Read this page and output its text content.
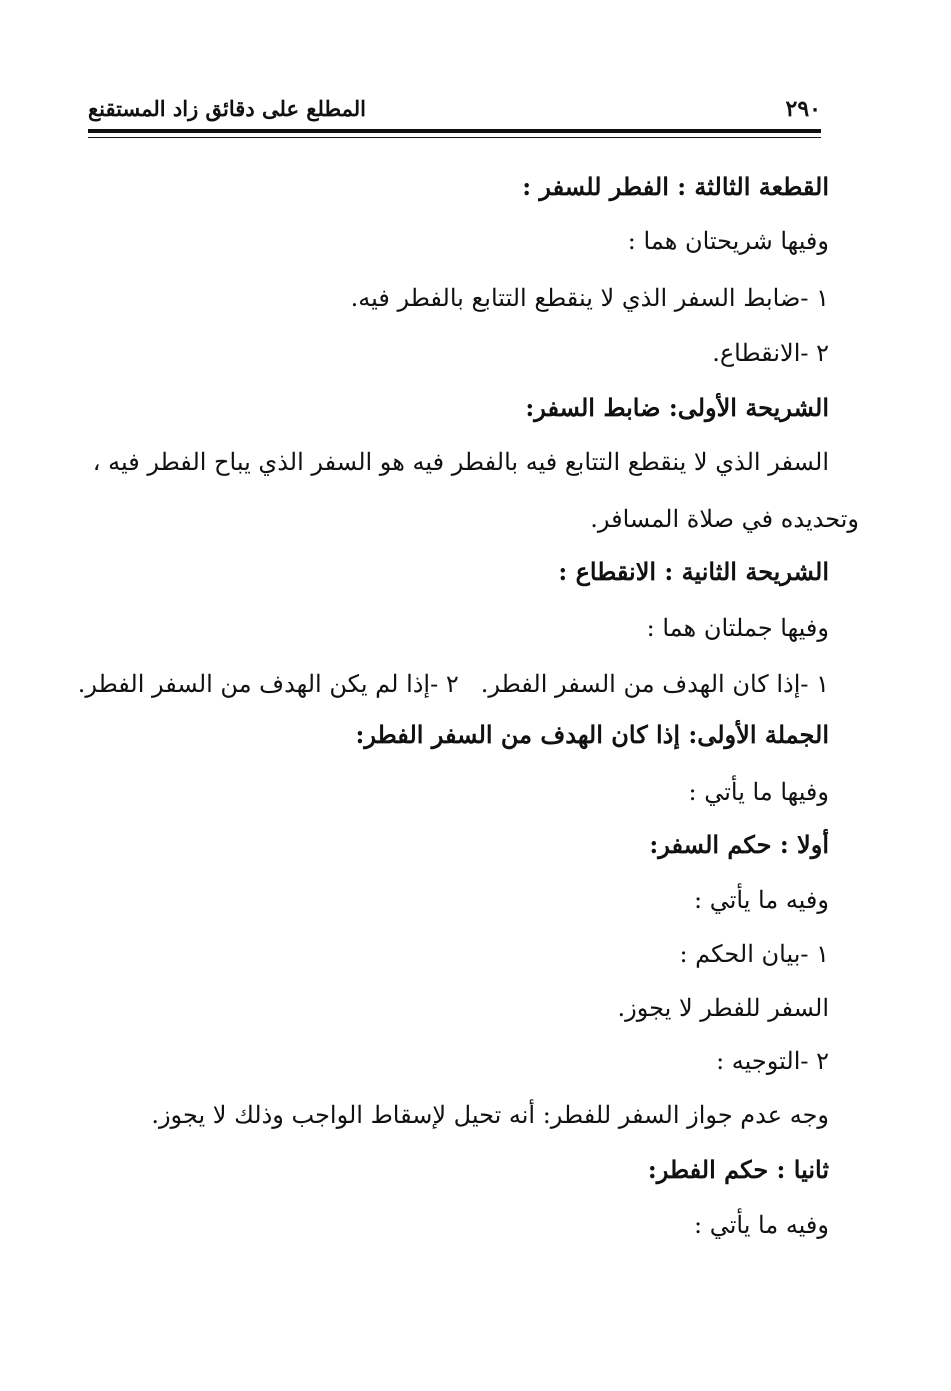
٢٩٠
المطلع على دقائق زاد المستقنع
القطعة الثالثة : الفطر للسفر :
وفيها شريحتان هما :
١ -ضابط السفر الذي لا ينقطع التتابع بالفطر فيه.
٢ -الانقطاع.
الشريحة الأولى: ضابط السفر:
السفر الذي لا ينقطع التتابع فيه بالفطر فيه هو السفر الذي يباح الفطر فيه ،
وتحديده في صلاة المسافر.
الشريحة الثانية : الانقطاع :
وفيها جملتان هما :
١ -إذا كان الهدف من السفر الفطر.٢ -إذا لم يكن الهدف من السفر الفطر.
الجملة الأولى: إذا كان الهدف من السفر الفطر:
وفيها ما يأتي :
أولا : حكم السفر:
وفيه ما يأتي :
١ -بيان الحكم :
السفر للفطر لا يجوز.
٢ -التوجيه :
وجه عدم جواز السفر للفطر: أنه تحيل لإسقاط الواجب وذلك لا يجوز.
ثانيا : حكم الفطر:
وفيه ما يأتي :
